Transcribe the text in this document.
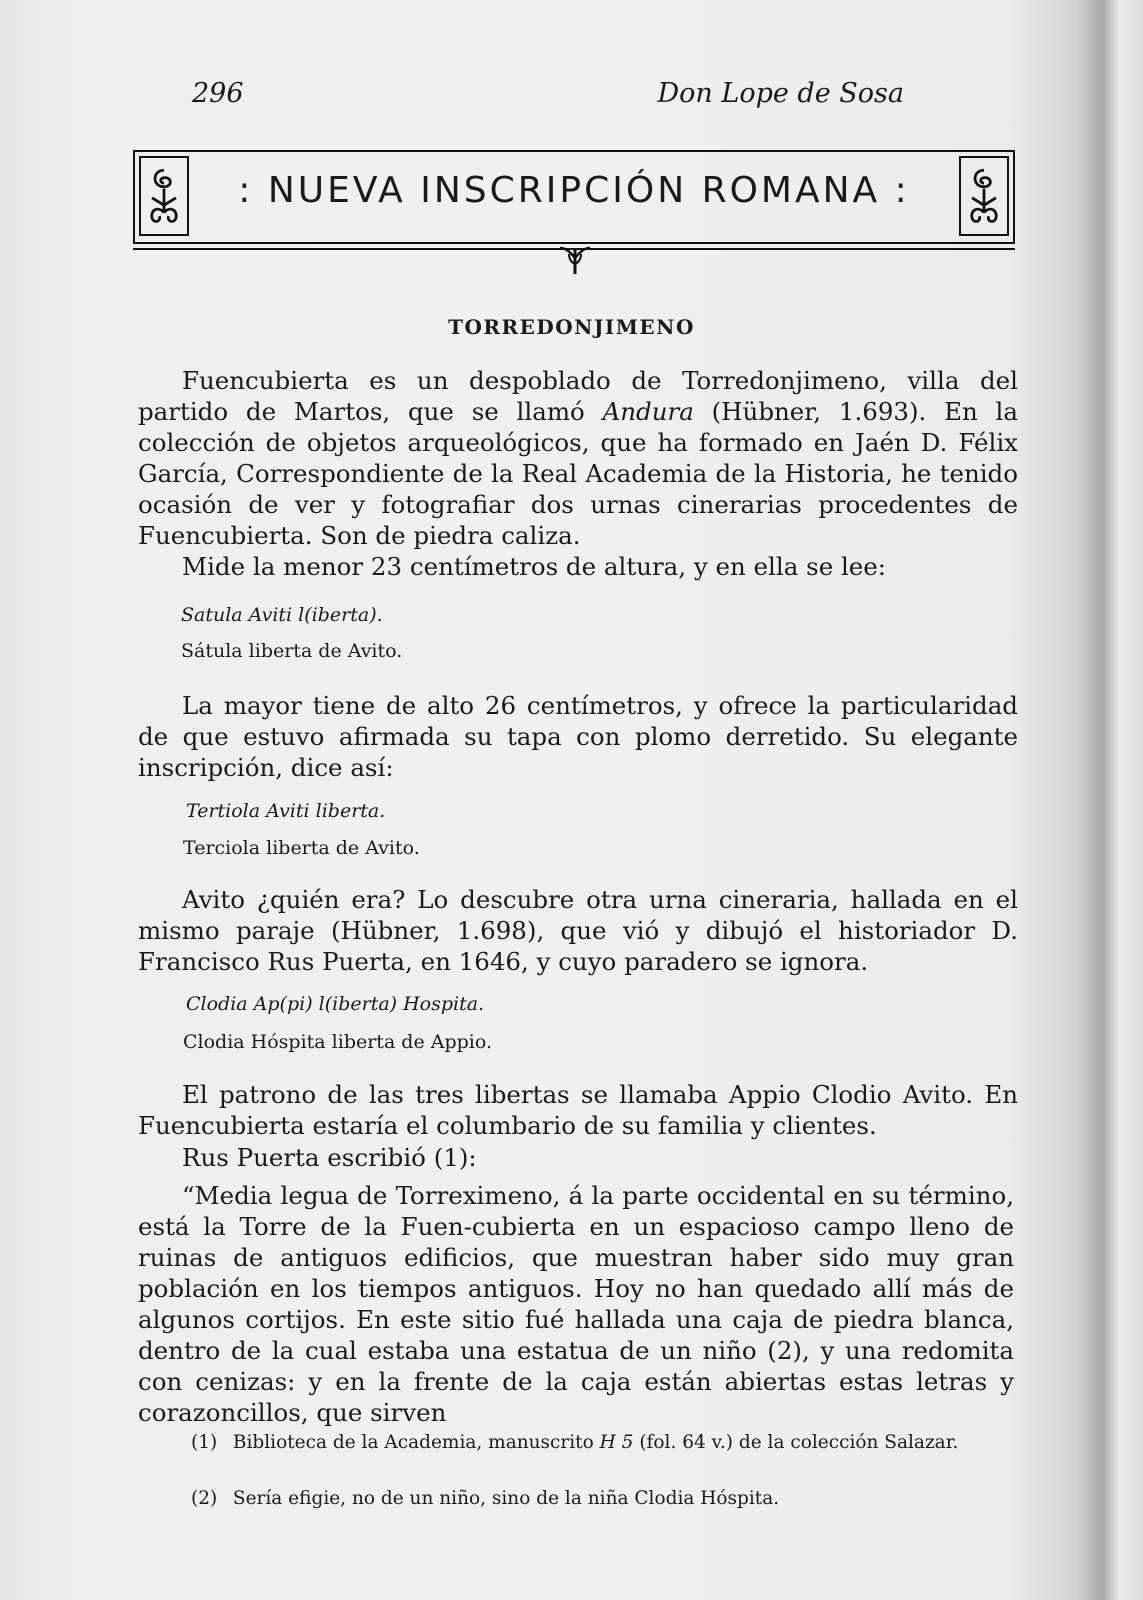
296	Don Lope de Sosa
: NUEVA INSCRIPCIÓN ROMANA :
TORREDONJIMENO

Fuencubierta es un despoblado de Torredonjimeno, villa del partido de Martos, que se llamó Andura (Hübner, 1.693). En la colección de objetos arqueológicos, que ha formado en Jaén D. Félix García, Correspondiente de la Real Academia de la Historia, he tenido ocasión de ver y fotografiar dos urnas cinerarias procedentes de Fuencubierta. Son de piedra caliza.

Mide la menor 23 centímetros de altura, y en ella se lee:

Satula Aviti l(iberta).
Sátula liberta de Avito.

La mayor tiene de alto 26 centímetros, y ofrece la particularidad de que estuvo afirmada su tapa con plomo derretido. Su elegante inscripción, dice así:

Tertiola Aviti liberta.
Terciola liberta de Avito.

Avito ¿quién era? Lo descubre otra urna cineraria, hallada en el mismo paraje (Hübner, 1.698), que vió y dibujó el historiador D. Francisco Rus Puerta, en 1646, y cuyo paradero se ignora.

Clodia Ap(pi) l(iberta) Hospita.
Clodia Hóspita liberta de Appio.

El patrono de las tres libertas se llamaba Appio Clodio Avito. En Fuencubierta estaría el columbario de su familia y clientes.

Rus Puerta escribió (1):

“Media legua de Torreximeno, á la parte occidental en su término, está la Torre de la Fuen-cubierta en un espacioso campo lleno de ruinas de antiguos edificios, que muestran haber sido muy gran población en los tiempos antiguos. Hoy no han quedado allí más de algunos cortijos. En este sitio fué hallada una caja de piedra blanca, dentro de la cual estaba una estatua de un niño (2), y una redomita con cenizas: y en la frente de la caja están abiertas estas letras y corazoncillos, que sirven

(1) Biblioteca de la Academia, manuscrito H 5 (fol. 64 v.) de la colección Salazar.
(2) Sería efigie, no de un niño, sino de la niña Clodia Hóspita.
